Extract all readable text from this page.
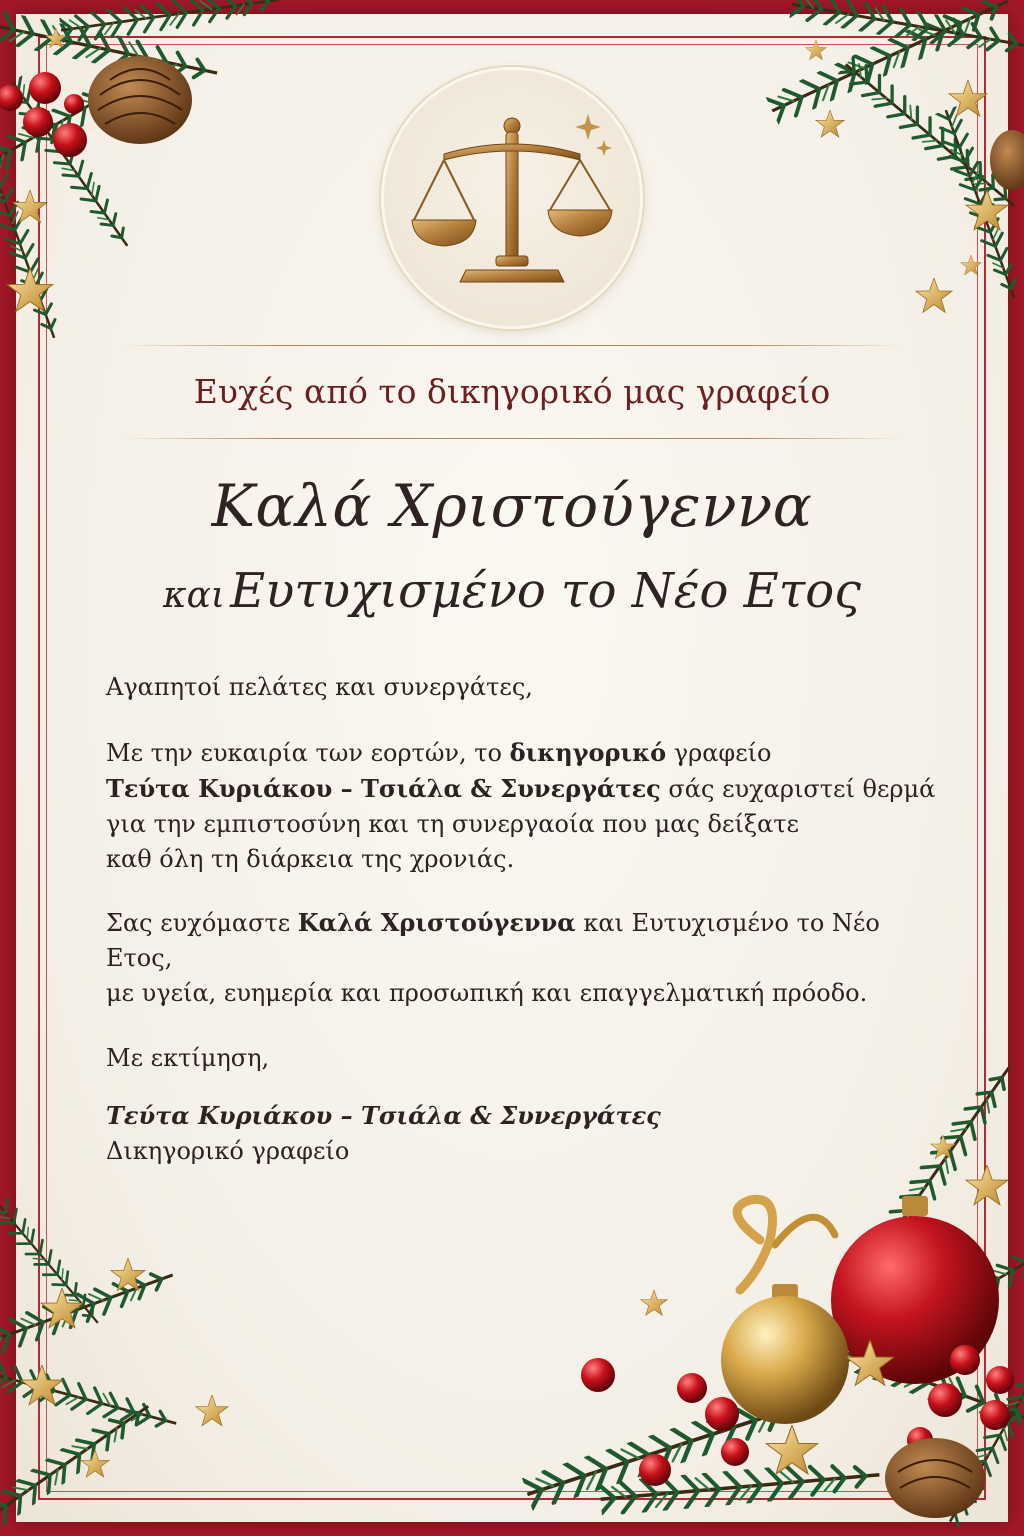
Ευχές από το δικηγορικό μας γραφείο
Καλά Χριστούγεννα
και Ευτυχισμένο το Νέο Ετος

Αγαπητοί πελάτες και συνεργάτες,

Με την ευκαιρία των εορτών, το δικηγορικό γραφείο
Τεύτα Κυριάκου – Τσιάλα & Συνεργάτες σάς ευχαριστεί θερμά
για την εμπιστοσύνη και τη συνεργαοία που μας δείξατε
καθ όλη τη διάρκεια της χρονιάς.

Σας ευχόμαστε Καλά Χριστούγεννα και Ευτυχισμένο το Νέο Ετος,
με υγεία, ευημερία και προσωπική και επαγγελματική πρόοδο.

Με εκτίμηση,

Τεύτα Κυριάκου – Τσιάλα & Συνεργάτες
Δικηγορικό γραφείο
